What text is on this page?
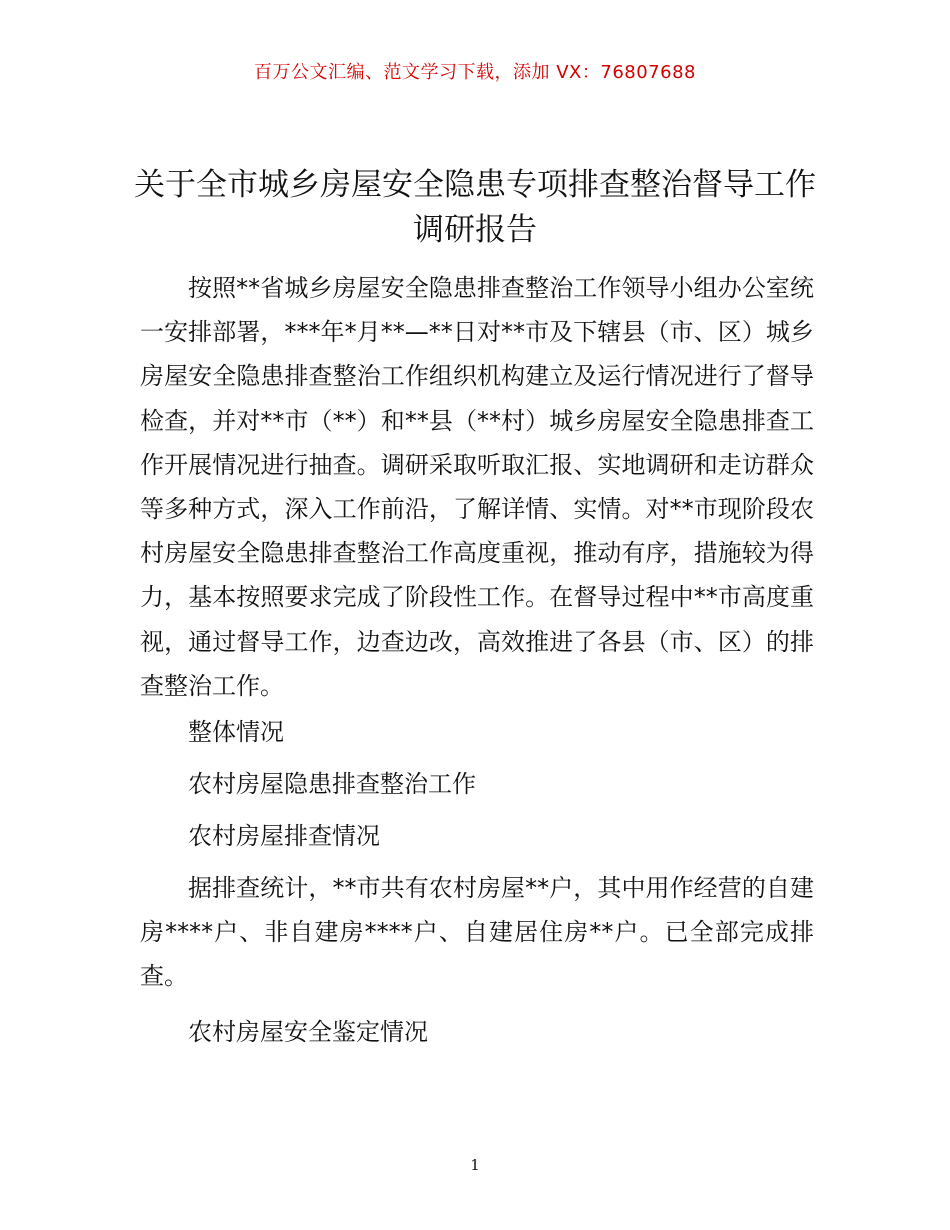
百万公文汇编、范文学习下载，添加 VX：76807688
关于全市城乡房屋安全隐患专项排查整治督导工作调研报告

按照**省城乡房屋安全隐患排查整治工作领导小组办公室统一安排部署，***年*月**—**日对**市及下辖县（市、区）城乡房屋安全隐患排查整治工作组织机构建立及运行情况进行了督导检查，并对**市（**）和**县（**村）城乡房屋安全隐患排查工作开展情况进行抽查。调研采取听取汇报、实地调研和走访群众等多种方式，深入工作前沿，了解详情、实情。对**市现阶段农村房屋安全隐患排查整治工作高度重视，推动有序，措施较为得力，基本按照要求完成了阶段性工作。在督导过程中**市高度重视，通过督导工作，边查边改，高效推进了各县（市、区）的排查整治工作。

整体情况

农村房屋隐患排查整治工作

农村房屋排查情况

据排查统计，**市共有农村房屋**户，其中用作经营的自建房****户、非自建房****户、自建居住房**户。已全部完成排查。

农村房屋安全鉴定情况

1
